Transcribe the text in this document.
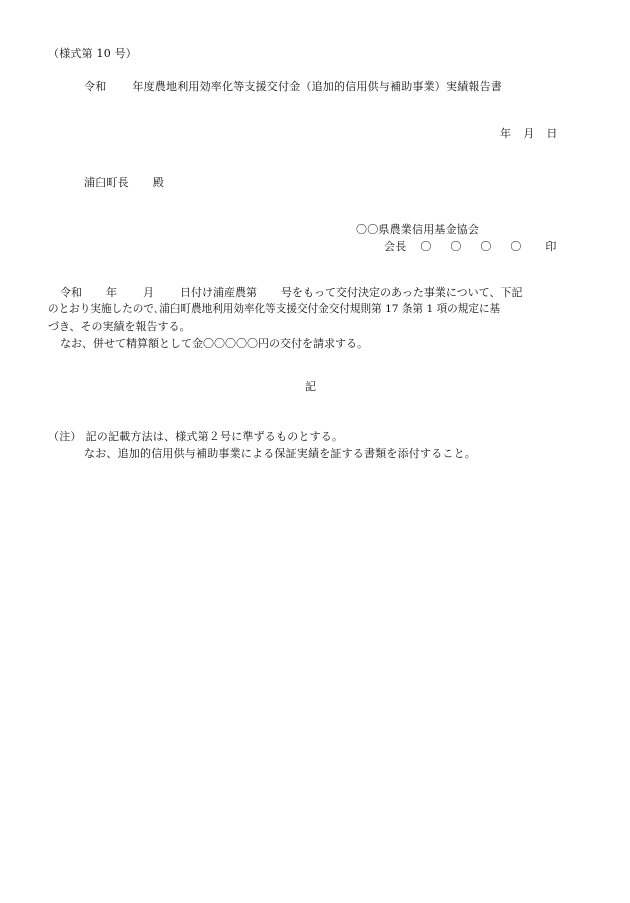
（様式第 10 号）
令和 年度農地利用効率化等支援交付金（追加的信用供与補助事業）実績報告書
年 月 日
浦臼町長 殿
〇〇県農業信用基金協会
会長 〇　〇　〇　〇 印
令和 年 月 日付け浦産農第 号をもって交付決定のあった事業について、下記
のとおり実施したので､浦臼町農地利用効率化等支援交付金交付規則第 17 条第 1 項の規定に基
づき、その実績を報告する。
なお、併せて精算額として金〇〇〇〇〇円の交付を請求する。
記
（注） 記の記載方法は、様式第２号に準ずるものとする。
なお、追加的信用供与補助事業による保証実績を証する書類を添付すること。
